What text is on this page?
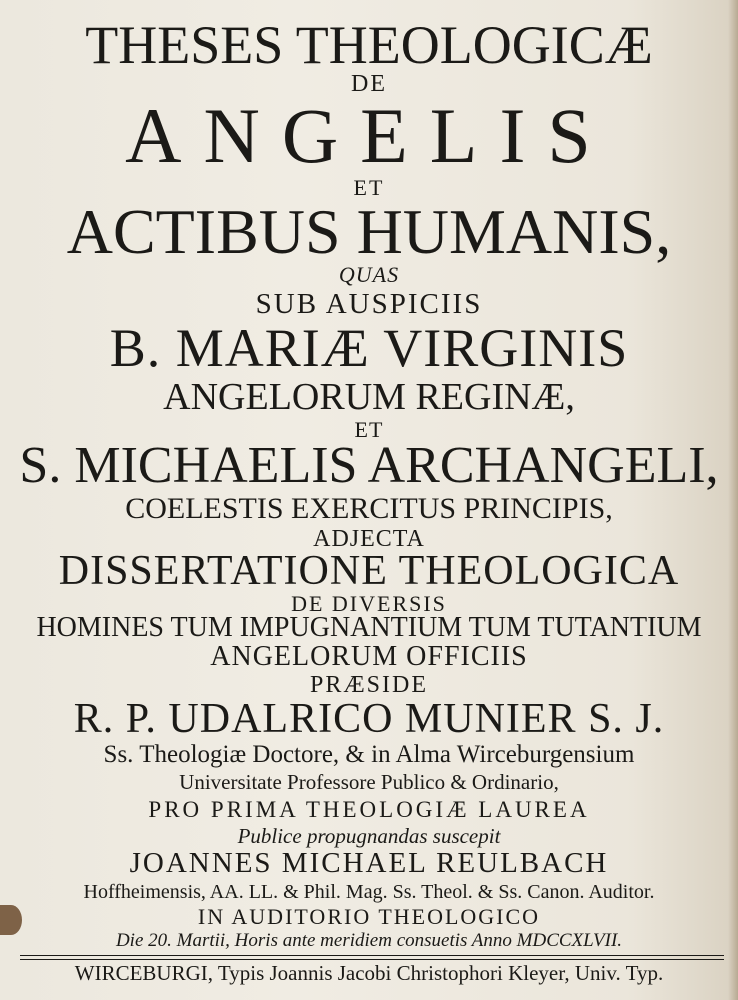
THESES THEOLOGICÆ
DE
ANGELIS
ET
ACTIBUS HUMANIS,
QUAS
SUB AUSPICIIS
B. MARIÆ VIRGINIS
ANGELORUM REGINÆ,
ET
S. MICHAELIS ARCHANGELI,
COELESTIS EXERCITUS PRINCIPIS,
ADJECTA
DISSERTATIONE THEOLOGICA
DE DIVERSIS
HOMINES TUM IMPUGNANTIUM TUM TUTANTIUM
ANGELORUM OFFICIIS
PRÆSIDE
R. P. UDALRICO MUNIER S. J.
Ss. Theologiæ Doctore, & in Alma Wirceburgensium
Universitate Professore Publico & Ordinario,
PRO PRIMA THEOLOGIÆ LAUREA
Publice propugnandas suscepit
JOANNES MICHAEL REULBACH
Hoffheimensis, AA. LL. & Phil. Mag. Ss. Theol. & Ss. Canon. Auditor.
IN AUDITORIO THEOLOGICO
Die 20. Martii, Horis ante meridiem consuetis Anno MDCCXLVII.
WIRCEBURGI, Typis Joannis Jacobi Christophori Kleyer, Univ. Typ.
